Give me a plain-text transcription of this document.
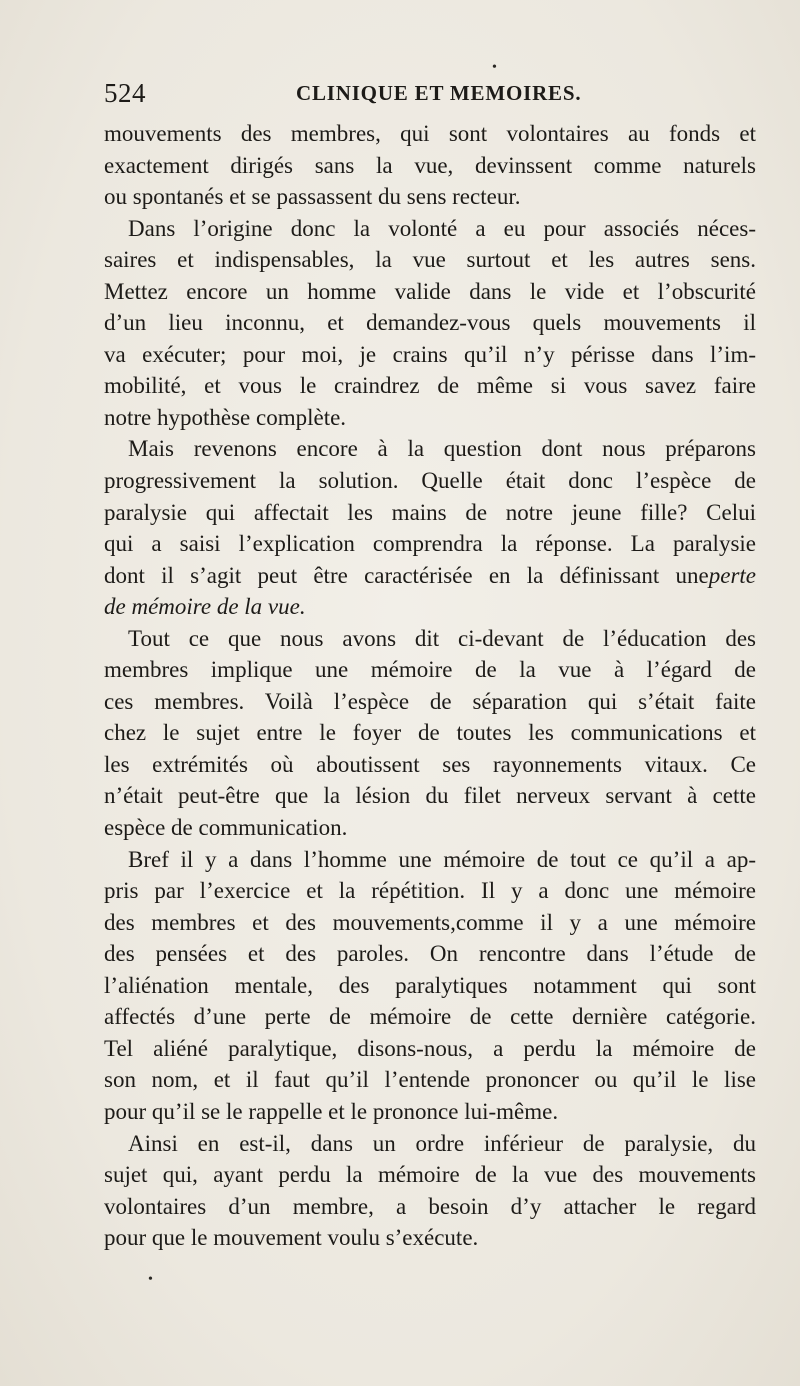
•
524	CLINIQUE ET MEMOIRES.
mouvements des membres, qui sont volontaires au fonds et
exactement dirigés sans la vue, devinssent comme naturels
ou spontanés et se passassent du sens recteur.
Dans l’origine donc la volonté a eu pour associés néces-
saires et indispensables, la vue surtout et les autres sens.
Mettez encore un homme valide dans le vide et l’obscurité
d’un lieu inconnu, et demandez-vous quels mouvements il
va exécuter; pour moi, je crains qu’il n’y périsse dans l’im-
mobilité, et vous le craindrez de même si vous savez faire
notre hypothèse complète.
Mais revenons encore à la question dont nous préparons
progressivement la solution. Quelle était donc l’espèce de
paralysie qui affectait les mains de notre jeune fille? Celui
qui a saisi l’explication comprendra la réponse. La paralysie
dont il s’agit peut être caractérisée en la définissant uneperte
de mémoire de la vue.
Tout ce que nous avons dit ci-devant de l’éducation des
membres implique une mémoire de la vue à l’égard de
ces membres. Voilà l’espèce de séparation qui s’était faite
chez le sujet entre le foyer de toutes les communications et
les extrémités où aboutissent ses rayonnements vitaux. Ce
n’était peut-être que la lésion du filet nerveux servant à cette
espèce de communication.
Bref il y a dans l’homme une mémoire de tout ce qu’il a ap-
pris par l’exercice et la répétition. Il y a donc une mémoire
des membres et des mouvements,comme il y a une mémoire
des pensées et des paroles. On rencontre dans l’étude de
l’aliénation mentale, des paralytiques notamment qui sont
affectés d’une perte de mémoire de cette dernière catégorie.
Tel aliéné paralytique, disons-nous, a perdu la mémoire de
son nom, et il faut qu’il l’entende prononcer ou qu’il le lise
pour qu’il se le rappelle et le prononce lui-même.
Ainsi en est-il, dans un ordre inférieur de paralysie, du
sujet qui, ayant perdu la mémoire de la vue des mouvements
volontaires d’un membre, a besoin d’y attacher le regard
pour que le mouvement voulu s’exécute.
•
